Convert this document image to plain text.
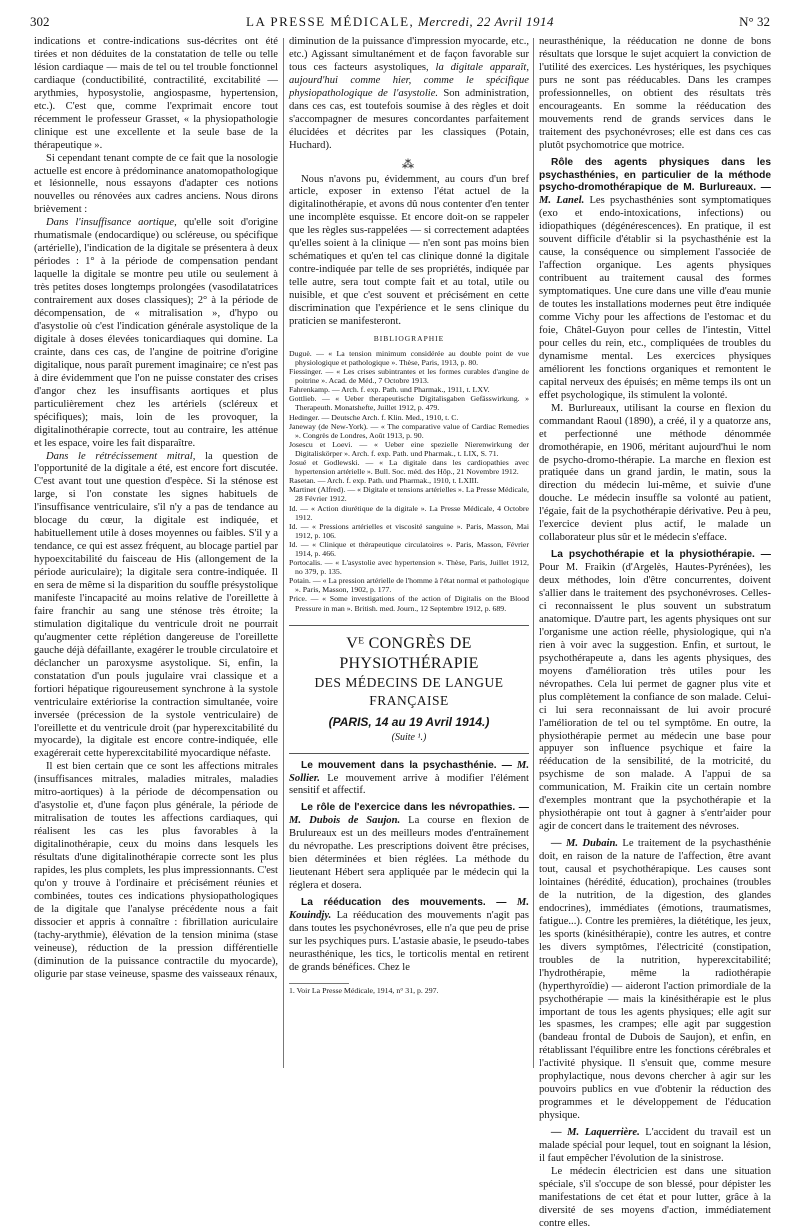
302	LA PRESSE MÉDICALE, Mercredi, 22 Avril 1914	N° 32

indications et contre-indications sus-décrites ont été tirées et non déduites de la constatation de telle ou telle lésion cardiaque — mais de tel ou tel trouble fonctionnel cardiaque (conductibilité, contractilité, excitabilité — arythmies, hyposystolie, angiospasme, hypertension, etc.). C'est que, comme l'exprimait encore tout récemment le professeur Grasset, « la physiopathologie clinique est une excellente et la seule base de la thérapeutique ».

Si cependant tenant compte de ce fait que la nosologie actuelle est encore à prédominance anatomopathologique et lésionnelle, nous essayons d'adapter ces notions nouvelles ou rénovées aux cadres anciens. Nous dirons brièvement :

Dans l'insuffisance aortique, qu'elle soit d'origine rhumatismale (endocardique) ou scléreuse, ou spécifique (artérielle), l'indication de la digitale se présentera à deux périodes : 1° à la période de compensation pendant laquelle la digitale se montre peu utile ou seulement à très petites doses longtemps prolongées (vasodilatatrices contrairement aux doses classiques); 2° à la période de décompensation, de « mitralisation », d'hypo ou d'asystolie où c'est l'indication générale asystolique de la digitale à doses élevées tonicardiaques qui domine. La crainte, dans ces cas, de l'angine de poitrine d'origine digitalique, nous paraît purement imaginaire; ce n'est pas à dire évidemment que l'on ne puisse constater des crises d'angor chez les insuffisants aortiques et plus particulièrement chez les artériels (scléreux et spécifiques); mais, loin de les provoquer, la digitalinothérapie correcte, tout au contraire, les atténue et les espace, voire les fait disparaître.

Dans le rétrécissement mitral, la question de l'opportunité de la digitale a été, est encore fort discutée. C'est avant tout une question d'espèce. Si la sténose est large, si l'on constate les signes habituels de l'insuffisance ventriculaire, s'il n'y a pas de tendance au blocage du cœur, la digitale est indiquée, et habituellement utile à doses moyennes ou faibles. S'il y a tendance, ce qui est assez fréquent, au blocage partiel par hypoexcitabilité du faisceau de His (allongement de la période auriculaire); la digitale sera contre-indiquée. Il en sera de même si la disparition du souffle présystolique manifeste l'incapacité au moins relative de l'oreillette à faire franchir au sang une sténose très étroite; la stimulation digitalique du ventricule droit ne pourrait qu'augmenter cette réplétion dangereuse de l'oreillette gauche déjà défaillante, exagérer le trouble circulatoire et déclancher un paroxysme asystolique. Si, enfin, la constatation d'un pouls jugulaire vrai classique et a fortiori hépatique rigoureusement synchrone à la systole ventriculaire extériorise la contraction simultanée, voire inversée (précession de la systole ventriculaire) de l'oreillette et du ventricule droit (par hyperexcitabilité du myocarde), la digitale est encore contre-indiquée, elle exagérerait cette hyperexcitabilité myocardique néfaste.

Il est bien certain que ce sont les affections mitrales (insuffisances mitrales, maladies mitrales, maladies mitro-aortiques) à la période de décompensation ou d'asystolie et, d'une façon plus générale, la période de mitralisation de toutes les affections cardiaques, qui réalisent les cas les plus favorables à la digitalinothérapie, ceux du moins dans lesquels les résultats d'une digitalinothérapie correcte sont les plus rapides, les plus complets, les plus impressionnants. C'est qu'on y trouve à l'ordinaire et précisément réunies et combinées, toutes ces indications physiopathologiques de la digitale que l'analyse précédente nous a fait dissocier et appris à connaître : fibrillation auriculaire (tachy-arythmie), élévation de la tension minima (stase veineuse), réduction de la pression différentielle (diminution de la puissance contractile du myocarde), oligurie par stase veineuse, spasme des vaisseaux rénaux,

diminution de la puissance d'impression myocarde, etc., etc.) Agissant simultanément et de façon favorable sur tous ces facteurs asystoliques, la digitale apparaît, aujourd'hui comme hier, comme le spécifique physiopathologique de l'asystolie. Son administration, dans ces cas, est toutefois soumise à des règles et doit s'accompagner de mesures concordantes parfaitement élucidées et décrites par les classiques (Potain, Huchard).

⁂

Nous n'avons pu, évidemment, au cours d'un bref article, exposer in extenso l'état actuel de la digitalinothérapie, et avons dû nous contenter d'en tenter une incomplète esquisse. Et encore doit-on se rappeler que les règles sus-rappelées — si correctement adaptées qu'elles soient à la clinique — n'en sont pas moins bien schématiques et qu'en tel cas clinique donné la digitale contre-indiquée par telle de ses propriétés, indiquée par telle autre, sera tout compte fait et au total, utile ou nuisible, et que c'est souvent et précisément en cette discrimination que l'expérience et le sens clinique du praticien se manifesteront.

BIBLIOGRAPHIE

Duguè. — « La tension minimum considérée au double point de vue physiologique et pathologique ». Thèse, Paris, 1913, p. 80.

Fiessinger. — « Les crises subintrantes et les formes curables d'angine de poitrine ». Acad. de Méd., 7 Octobre 1913.

Fahrenkamp. — Arch. f. exp. Path. und Pharmak., 1911, t. LXV.

Gottlieb. — « Ueber therapeutische Digitalisgaben Gefässwirkung. » Therapeuth. Monatshefte, Juillet 1912, p. 479.

Hedinger. — Deutsche Arch. f. Klin. Med., 1910, t. C.

Janeway (de New-York). — « The comparative value of Cardiac Remedies ». Congrès de Londres, Août 1913, p. 90.

Josescu et Loevi. — « Ueber eine spezielle Nierenwirkung der Digitaliskörper ». Arch. f. exp. Path. und Pharmak., t. LIX, S. 71.

Josué et Godlewski. — « La digitale dans les cardiopathies avec hypertension artérielle ». Bull. Soc. méd. des Hôp., 21 Novembre 1912.

Rasetan. — Arch. f. exp. Path. und Pharmak., 1910, t. LXIII.

Martinet (Alfred). — « Digitale et tensions artérielles ». La Presse Médicale, 28 Février 1912.

Id. — « Action diurétique de la digitale ». La Presse Médicale, 4 Octobre 1912.

Id. — « Pressions artérielles et viscosité sanguine ». Paris, Masson, Mai 1912, p. 106.

Id. — « Clinique et thérapeutique circulatoires ». Paris, Masson, Février 1914, p. 466.

Portocalis. — « L'asystolie avec hypertension ». Thèse, Paris, Juillet 1912, no 379, p. 135.

Potain. — « La pression artérielle de l'homme à l'état normal et pathologique ». Paris, Masson, 1902, p. 177.

Price. — « Some investigations of the action of Digitalis on the Blood Pressure in man ». British. med. Journ., 12 Septembre 1912, p. 689.

Vᴱ CONGRÈS DE PHYSIOTHÉRAPIE
DES MÉDECINS DE LANGUE FRANÇAISE
(PARIS, 14 au 19 Avril 1914.)
(Suite ¹.)

Le mouvement dans la psychasthénie. — M. Sollier. Le mouvement arrive à modifier l'élément sensitif et affectif.

Le rôle de l'exercice dans les névropathies. — M. Dubois de Saujon. La course en flexion de Brulureaux est un des meilleurs modes d'entraînement du névropathe. Les prescriptions doivent être précises, bien déterminées et bien réglées. La méthode du lieutenant Hébert sera appliquée par le médecin qui la réglera et dosera.

La rééducation des mouvements. — M. Kouindjy. La rééducation des mouvements n'agit pas dans toutes les psychonévroses, elle n'a que peu de prise sur les psychiques purs. L'astasie abasie, le pseudo-tabes neurasthénique, les tics, le torticolis mental en retirent de grands bénéfices. Chez le

1. Voir La Presse Médicale, 1914, n° 31, p. 297.

neurasthénique, la rééducation ne donne de bons résultats que lorsque le sujet acquiert la conviction de l'utilité des exercices. Les hystériques, les psychiques purs ne sont pas rééducables. Dans les crampes professionnelles, on obtient des résultats très encourageants. En somme la rééducation des mouvements rend de grands services dans le traitement des psychonévroses; elle est dans ces cas plutôt psychomotrice que motrice.

Rôle des agents physiques dans les psychasthénies, en particulier de la méthode psycho-dromothérapique de M. Burlureaux. — M. Lanel. Les psychasthénies sont symptomatiques (exo et endo-intoxications, infections) ou idiopathiques (dégénérescences). En pratique, il est souvent difficile d'établir si la psychasthénie est la cause, la conséquence ou simplement l'associée de l'affection organique. Les agents physiques contribuent au traitement causal des formes symptomatiques. Une cure dans une ville d'eau munie de toutes les installations modernes peut être indiquée comme Vichy pour les affections de l'estomac et du foie, Châtel-Guyon pour celles de l'intestin, Vittel pour celles du rein, etc., compliquées de troubles du dynamisme mental. Les exercices physiques améliorent les fonctions organiques et remontent le capital nerveux des épuisés; en même temps ils ont un effet psychologique, ils stimulent la volonté.

M. Burlureaux, utilisant la course en flexion du commandant Raoul (1890), a créé, il y a quatorze ans, et perfectionné une méthode dénommée dromothérapie, en 1906, méritant aujourd'hui le nom de psycho-dromo-thérapie. La marche en flexion est pratiquée dans un grand jardin, le matin, sous la direction du médecin lui-même, et suivie d'une douche. Le médecin insuffle sa volonté au patient, l'égaie, fait de la psychothérapie dérivative. Peu à peu, l'exercice devient plus actif, le malade un collaborateur plus sûr et le médecin s'efface.

La psychothérapie et la physiothérapie. — Pour M. Fraikin (d'Argelès, Hautes-Pyrénées), les deux méthodes, loin d'être concurrentes, doivent s'allier dans le traitement des psychonévroses. Celles-ci reconnaissent le plus souvent un substratum anatomique. D'autre part, les agents physiques ont sur l'organisme une action réelle, physiologique, qui n'a rien à voir avec la suggestion. Enfin, et surtout, le psychothérapeute a, dans les agents physiques, des moyens d'amélioration très utiles pour les névropathes. Cela lui permet de gagner plus vite et plus complètement la confiance de son malade. Celui-ci lui sera reconnaissant de lui avoir procuré l'amélioration de tel ou tel symptôme. En outre, la physiothérapie permet au médecin une base pour appuyer son influence psychique et faire la rééducation de la sensibilité, de la motricité, du psychisme de son malade. A l'appui de sa communication, M. Fraikin cite un certain nombre d'exemples montrant que la psychothérapie et la physiothérapie ont tout à gagner à s'entr'aider pour agir de concert dans le traitement des névroses.

— M. Dubain. Le traitement de la psychasthénie doit, en raison de la nature de l'affection, être avant tout, causal et psychothérapique. Les causes sont lointaines (hérédité, éducation), prochaines (troubles de la nutrition, de la digestion, des glandes endocrines), immédiates (émotions, traumatismes, fatigue...). Contre les premières, la diététique, les jeux, les sports (kinésithérapie), contre les autres, et contre les divers symptômes, l'électricité (constipation, troubles de la nutrition, hyperexcitabilité; l'hydrothérapie, même la radiothérapie (hyperthyroïdie) — aideront l'action primordiale de la psychothérapie — mais la kinésithérapie est le plus important de tous les agents physiques; elle agit sur les spasmes, les crampes; elle agit par suggestion (bandeau frontal de Dubois de Saujon), et enfin, en rétablissant l'équilibre entre les fonctions cérébrales et l'activité physique. Il s'ensuit que, comme mesure prophylactique, nous devons chercher à agir sur les pouvoirs publics en vue d'obtenir la réduction des programmes et le développement de l'éducation physique.

— M. Laquerrière. L'accident du travail est un malade spécial pour lequel, tout en soignant la lésion, il faut empêcher l'évolution de la sinistrose.

Le médecin électricien est dans une situation spéciale, s'il s'occupe de son blessé, pour dépister les manifestations de cet état et pour lutter, grâce à la diversité de ses moyens d'action, immédiatement contre elles.
